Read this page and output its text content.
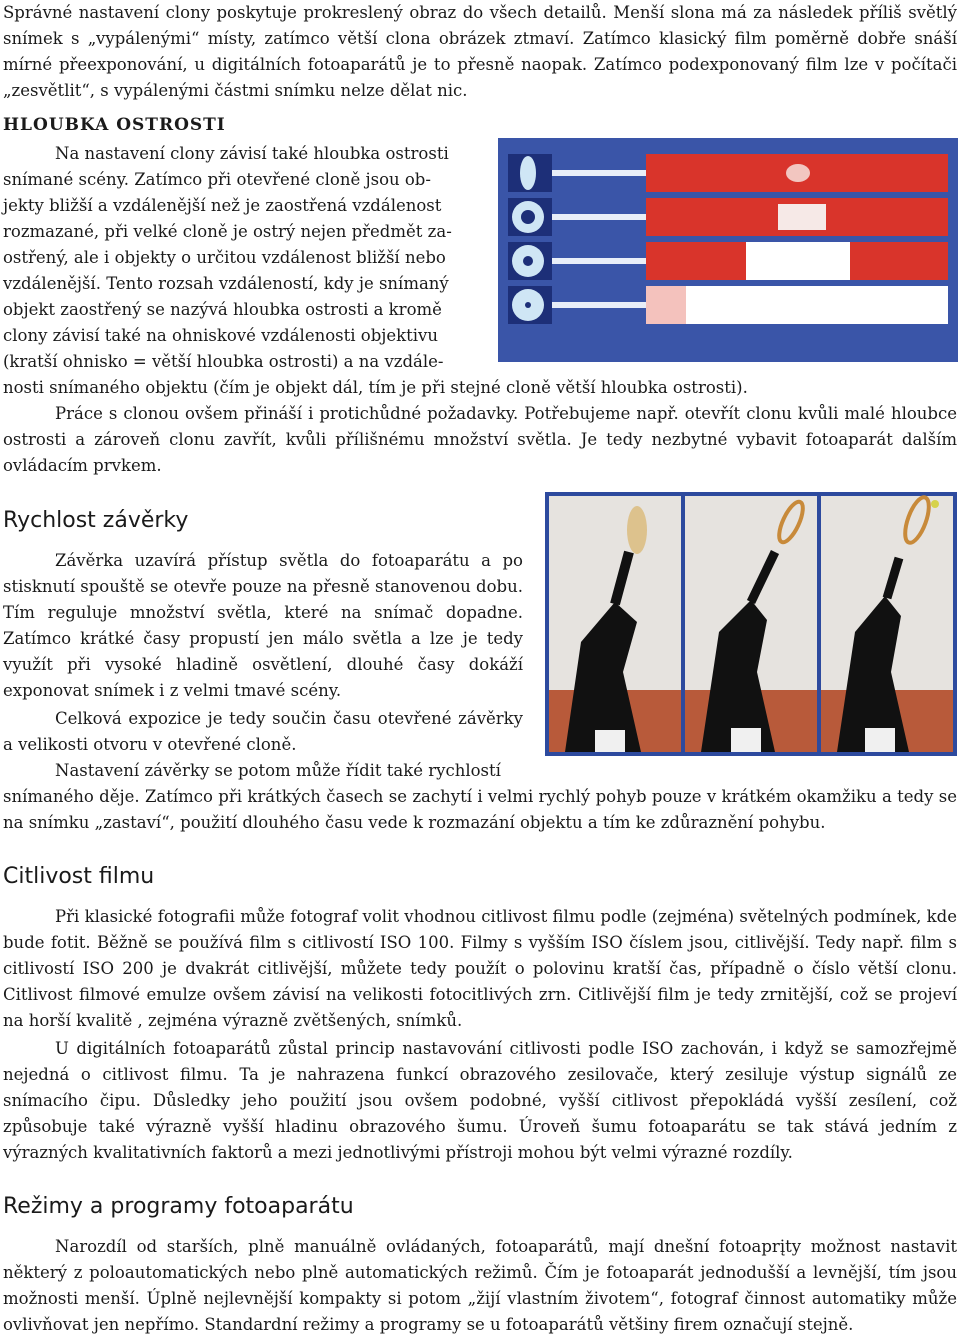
Správné nastavení clony poskytuje prokreslený obraz do všech detailů. Menší slona má za následek příliš světlý snímek s „vypálenými“ místy, zatímco větší clona obrázek ztmaví. Zatímco klasický film poměrně dobře snáší mírné přeexponování, u digitálních fotoaparátů je to přesně naopak. Zatímco podexponovaný film lze v počítači „zesvětlit“, s vypálenými částmi snímku nelze dělat nic.

HLOUBKA OSTROSTI
Na nastavení clony závisí také hloubka ostrosti
snímané scény. Zatímco při otevřené cloně jsou ob-
jekty bližší a vzdálenější než je zaostřená vzdálenost
rozmazané, při velké cloně je ostrý nejen předmět za-
ostřený, ale i objekty o určitou vzdálenost bližší nebo
vzdálenější. Tento rozsah vzdáleností, kdy je snímaný
objekt zaostřený se nazývá hloubka ostrosti a kromě
clony závisí také na ohniskové vzdálenosti objektivu
(kratší ohnisko = větší hloubka ostrosti) a na vzdále-
nosti snímaného objektu (čím je objekt dál, tím je při stejné cloně větší hloubka ostrosti).

Práce s clonou ovšem přináší i protichůdné požadavky. Potřebujeme např. otevřít clonu kvůli malé hloubce ostrosti a zároveň clonu zavřít, kvůli přílišnému množství světla. Je tedy nezbytné vybavit fotoaparát dalším ovládacím prvkem.

Rychlost závěrky

Závěrka uzavírá přístup světla do fotoaparátu a po stisknutí spouště se otevře pouze na přesně stanovenou dobu. Tím reguluje množství světla, které na snímač dopadne. Zatímco krátké časy propustí jen málo světla a lze je tedy využít při vysoké hladině osvětlení, dlouhé časy dokáží exponovat snímek i z velmi tmavé scény.

Celková expozice je tedy součin času otevřené závěrky a velikosti otvoru v otevřené cloně.

Nastavení závěrky se potom může řídit také rychlostí

snímaného děje. Zatímco při krátkých časech se zachytí i velmi rychlý pohyb pouze v krátkém okamžiku a tedy se na snímku „zastaví“, použití dlouhého času vede k rozmazání objektu a tím ke zdůraznění pohybu.

Citlivost filmu

Při klasické fotografii může fotograf volit vhodnou citlivost filmu podle (zejména) světelných podmínek, kde bude fotit. Běžně se používá film s citlivostí ISO 100. Filmy s vyšším ISO číslem jsou, citlivější. Tedy např. film s citlivostí ISO 200 je dvakrát citlivější, můžete tedy použít o polovinu kratší čas, případně o číslo větší clonu. Citlivost filmové emulze ovšem závisí na velikosti fotocitlivých zrn. Citlivější film je tedy zrnitější, což se projeví na horší kvalitě , zejména výrazně zvětšených, snímků.

U digitálních fotoaparátů zůstal princip nastavování citlivosti podle ISO zachován, i když se samozřejmě nejedná o citlivost filmu. Ta je nahrazena funkcí obrazového zesilovače, který zesiluje výstup signálů ze snímacího čipu. Důsledky jeho použití jsou ovšem podobné, vyšší citlivost přepokládá vyšší zesílení, což způsobuje také výrazně vyšší hladinu obrazového šumu. Úroveň šumu fotoaparátu se tak stává jedním z výrazných kvalitativních faktorů a mezi jednotlivými přístroji mohou být velmi výrazné rozdíly.

Režimy a programy fotoaparátu

Narozdíl od starších, plně manuálně ovládaných, fotoaparátů, mají dnešní fotoaprįty možnost nastavit některý z poloautomatických nebo plně automatických režimů. Čím je fotoaparát jednodušší a levnější, tím jsou možnosti menší. Úplně nejlevnější kompakty si potom „žijí vlastním životem“, fotograf činnost automatiky může ovlivňovat jen nepřímo. Standardní režimy a programy se u fotoaparátů většiny firem označují stejně.
